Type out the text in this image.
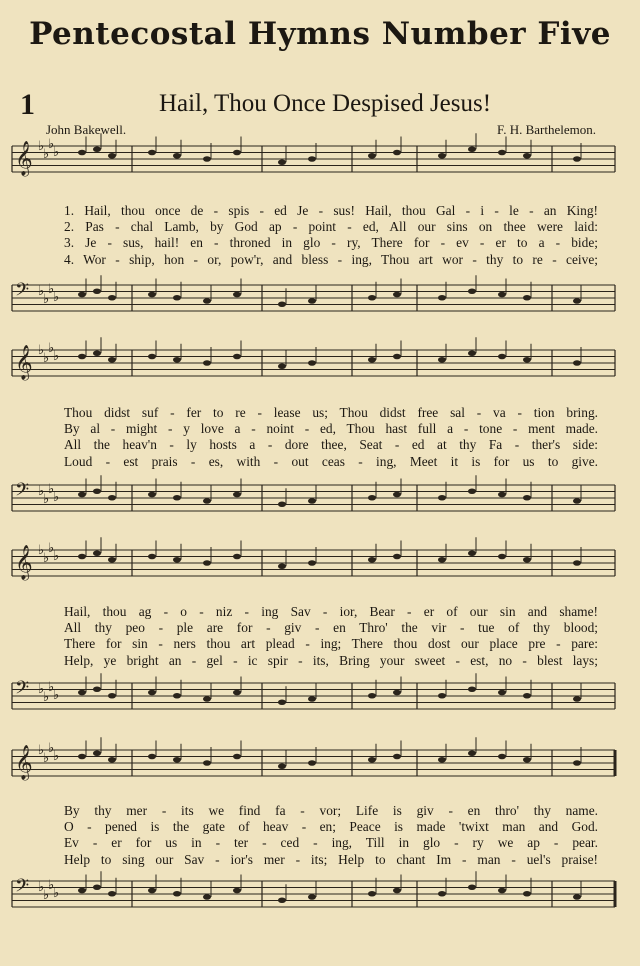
Pentecostal Hymns Number Five
1	Hail, Thou Once Despised Jesus!
John Bakewell.	F. H. Barthelemon.
𝄞 ♭
♭
♭
♭
1. Hail, thou once de - spis - ed Je - sus! Hail, thou Gal - i - le - an King!
2. Pas - chal Lamb, by God ap - point - ed, All our sins on thee were laid:
3. Je - sus, hail! en - throned in glo - ry, There for - ev - er to a - bide;
4. Wor - ship, hon - or, pow'r, and bless - ing, Thou art wor - thy to re - ceive;
𝄢 ♭
♭
♭
♭
𝄞 ♭
♭
♭
♭
Thou didst suf - fer to re - lease us; Thou didst free sal - va - tion bring.
By al - might - y love a - noint - ed, Thou hast full a - tone - ment made.
All the heav'n - ly hosts a - dore thee, Seat - ed at thy Fa - ther's side:
Loud - est prais - es, with - out ceas - ing, Meet it is for us to give.
𝄢 ♭
♭
♭
♭
𝄞 ♭
♭
♭
♭
Hail, thou ag - o - niz - ing Sav - ior, Bear - er of our sin and shame!
All thy peo - ple are for - giv - en Thro' the vir - tue of thy blood;
There for sin - ners thou art plead - ing; There thou dost our place pre - pare:
Help, ye bright an - gel - ic spir - its, Bring your sweet - est, no - blest lays;
𝄢 ♭
♭
♭
♭
𝄞 ♭
♭
♭
♭
By thy mer - its we find fa - vor; Life is giv - en thro' thy name.
O - pened is the gate of heav - en; Peace is made 'twixt man and God.
Ev - er for us in - ter - ced - ing, Till in glo - ry we ap - pear.
Help to sing our Sav - ior's mer - its; Help to chant Im - man - uel's praise!
𝄢 ♭
♭
♭
♭
